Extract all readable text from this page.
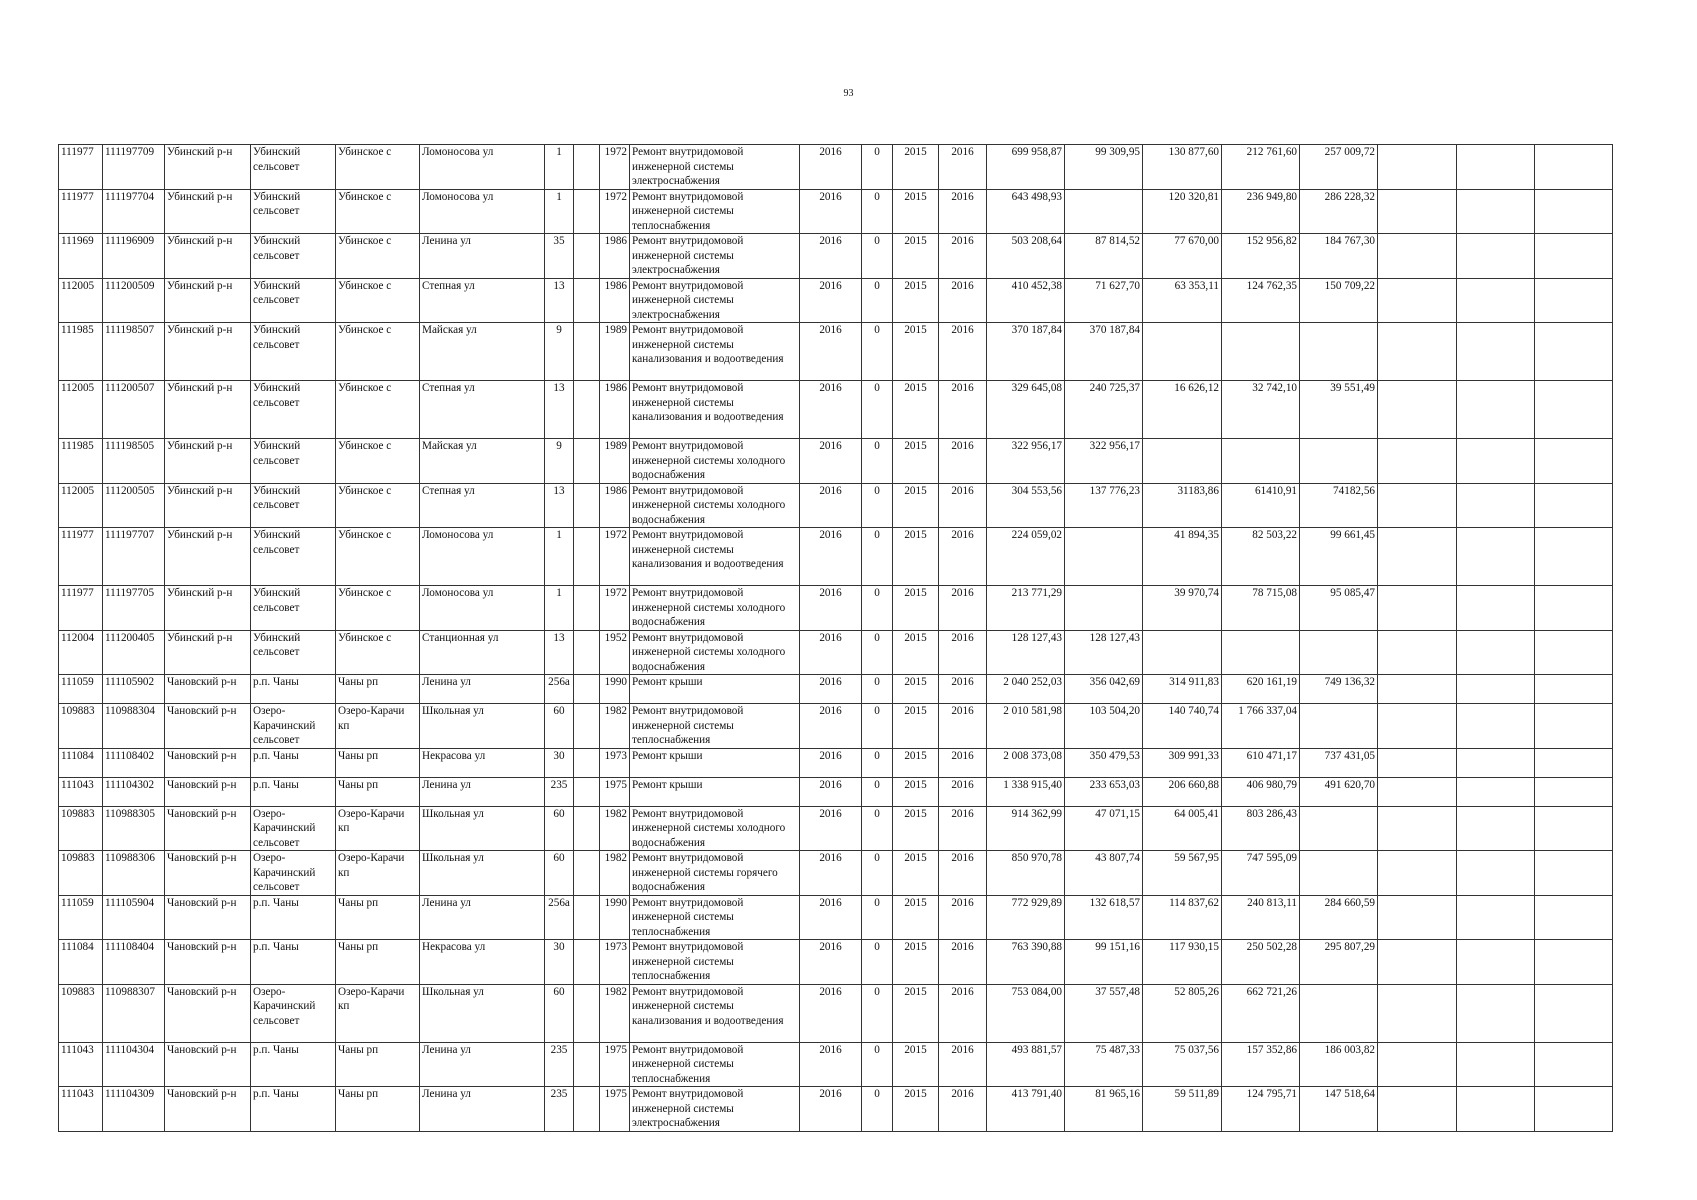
93
111977	111197709	Убинский р-н	Убинский сельсовет	Убинское с	Ломоносова ул	1		1972	Ремонт внутридомовой инженерной системы электроснабжения	2016	0	2015	2016	699 958,87	99 309,95	130 877,60	212 761,60	257 009,72			
111977	111197704	Убинский р-н	Убинский сельсовет	Убинское с	Ломоносова ул	1		1972	Ремонт внутридомовой инженерной системы теплоснабжения	2016	0	2015	2016	643 498,93		120 320,81	236 949,80	286 228,32			
111969	111196909	Убинский р-н	Убинский сельсовет	Убинское с	Ленина ул	35		1986	Ремонт внутридомовой инженерной системы электроснабжения	2016	0	2015	2016	503 208,64	87 814,52	77 670,00	152 956,82	184 767,30			
112005	111200509	Убинский р-н	Убинский сельсовет	Убинское с	Степная ул	13		1986	Ремонт внутридомовой инженерной системы электроснабжения	2016	0	2015	2016	410 452,38	71 627,70	63 353,11	124 762,35	150 709,22			
111985	111198507	Убинский р-н	Убинский сельсовет	Убинское с	Майская ул	9		1989	Ремонт внутридомовой инженерной системы канализования и водоотведения	2016	0	2015	2016	370 187,84	370 187,84						
112005	111200507	Убинский р-н	Убинский сельсовет	Убинское с	Степная ул	13		1986	Ремонт внутридомовой инженерной системы канализования и водоотведения	2016	0	2015	2016	329 645,08	240 725,37	16 626,12	32 742,10	39 551,49			
111985	111198505	Убинский р-н	Убинский сельсовет	Убинское с	Майская ул	9		1989	Ремонт внутридомовой инженерной системы холодного водоснабжения	2016	0	2015	2016	322 956,17	322 956,17						
112005	111200505	Убинский р-н	Убинский сельсовет	Убинское с	Степная ул	13		1986	Ремонт внутридомовой инженерной системы холодного водоснабжения	2016	0	2015	2016	304 553,56	137 776,23	31183,86	61410,91	74182,56			
111977	111197707	Убинский р-н	Убинский сельсовет	Убинское с	Ломоносова ул	1		1972	Ремонт внутридомовой инженерной системы канализования и водоотведения	2016	0	2015	2016	224 059,02		41 894,35	82 503,22	99 661,45			
111977	111197705	Убинский р-н	Убинский сельсовет	Убинское с	Ломоносова ул	1		1972	Ремонт внутридомовой инженерной системы холодного водоснабжения	2016	0	2015	2016	213 771,29		39 970,74	78 715,08	95 085,47			
112004	111200405	Убинский р-н	Убинский сельсовет	Убинское с	Станционная ул	13		1952	Ремонт внутридомовой инженерной системы холодного водоснабжения	2016	0	2015	2016	128 127,43	128 127,43						
111059	111105902	Чановский р-н	р.п. Чаны	Чаны рп	Ленина ул	256а		1990	Ремонт крыши	2016	0	2015	2016	2 040 252,03	356 042,69	314 911,83	620 161,19	749 136,32			
109883	110988304	Чановский р-н	Озеро-Карачинский сельсовет	Озеро-Карачи кп	Школьная ул	60		1982	Ремонт внутридомовой инженерной системы теплоснабжения	2016	0	2015	2016	2 010 581,98	103 504,20	140 740,74	1 766 337,04				
111084	111108402	Чановский р-н	р.п. Чаны	Чаны рп	Некрасова ул	30		1973	Ремонт крыши	2016	0	2015	2016	2 008 373,08	350 479,53	309 991,33	610 471,17	737 431,05			
111043	111104302	Чановский р-н	р.п. Чаны	Чаны рп	Ленина ул	235		1975	Ремонт крыши	2016	0	2015	2016	1 338 915,40	233 653,03	206 660,88	406 980,79	491 620,70			
109883	110988305	Чановский р-н	Озеро-Карачинский сельсовет	Озеро-Карачи кп	Школьная ул	60		1982	Ремонт внутридомовой инженерной системы холодного водоснабжения	2016	0	2015	2016	914 362,99	47 071,15	64 005,41	803 286,43				
109883	110988306	Чановский р-н	Озеро-Карачинский сельсовет	Озеро-Карачи кп	Школьная ул	60		1982	Ремонт внутридомовой инженерной системы горячего водоснабжения	2016	0	2015	2016	850 970,78	43 807,74	59 567,95	747 595,09				
111059	111105904	Чановский р-н	р.п. Чаны	Чаны рп	Ленина ул	256а		1990	Ремонт внутридомовой инженерной системы теплоснабжения	2016	0	2015	2016	772 929,89	132 618,57	114 837,62	240 813,11	284 660,59			
111084	111108404	Чановский р-н	р.п. Чаны	Чаны рп	Некрасова ул	30		1973	Ремонт внутридомовой инженерной системы теплоснабжения	2016	0	2015	2016	763 390,88	99 151,16	117 930,15	250 502,28	295 807,29			
109883	110988307	Чановский р-н	Озеро-Карачинский сельсовет	Озеро-Карачи кп	Школьная ул	60		1982	Ремонт внутридомовой инженерной системы канализования и водоотведения	2016	0	2015	2016	753 084,00	37 557,48	52 805,26	662 721,26				
111043	111104304	Чановский р-н	р.п. Чаны	Чаны рп	Ленина ул	235		1975	Ремонт внутридомовой инженерной системы теплоснабжения	2016	0	2015	2016	493 881,57	75 487,33	75 037,56	157 352,86	186 003,82			
111043	111104309	Чановский р-н	р.п. Чаны	Чаны рп	Ленина ул	235		1975	Ремонт внутридомовой инженерной системы электроснабжения	2016	0	2015	2016	413 791,40	81 965,16	59 511,89	124 795,71	147 518,64			
